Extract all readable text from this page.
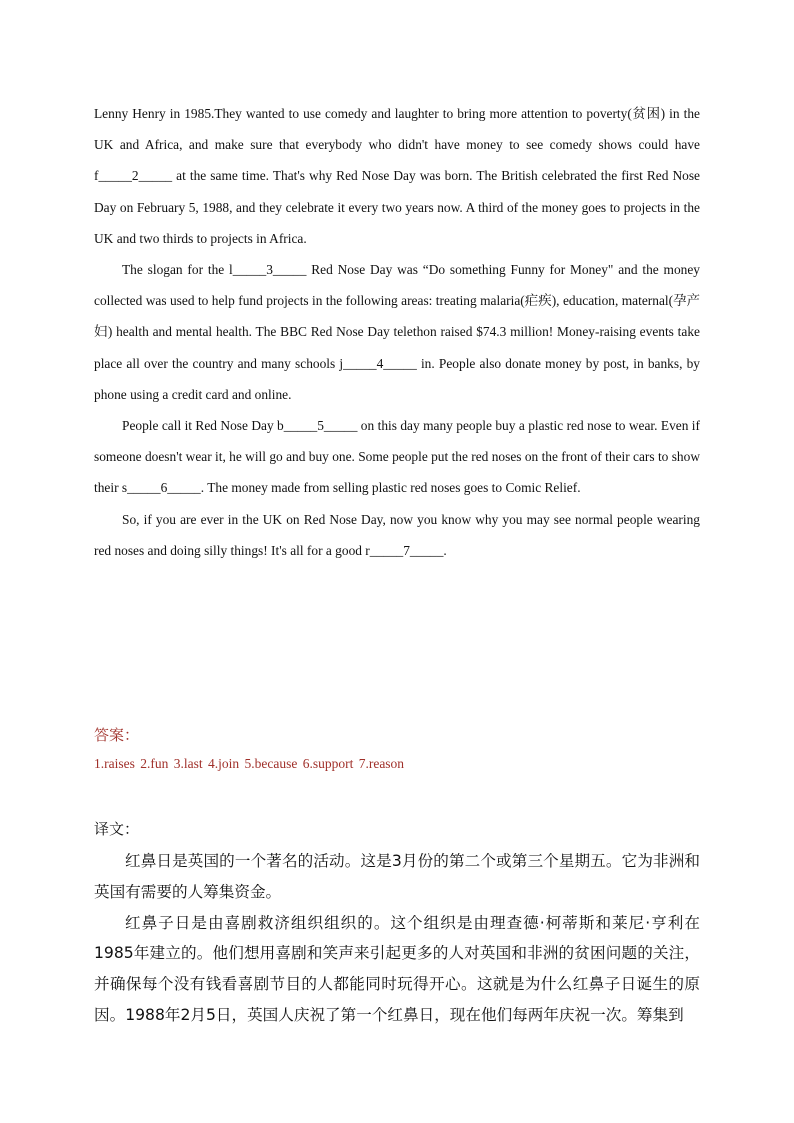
Lenny Henry in 1985.They wanted to use comedy and laughter to bring more attention to poverty(贫困) in the UK and Africa, and make sure that everybody who didn't have money to see comedy shows could have f_____2_____ at the same time. That's why Red Nose Day was born. The British celebrated the first Red Nose Day on February 5, 1988, and they celebrate it every two years now. A third of the money goes to projects in the UK and two thirds to projects in Africa.

The slogan for the l_____3_____ Red Nose Day was “Do something Funny for Money" and the money collected was used to help fund projects in the following areas: treating malaria(疟疾), education, maternal(孕产妇) health and mental health. The BBC Red Nose Day telethon raised $74.3 million! Money-raising events take place all over the country and many schools j_____4_____ in. People also donate money by post, in banks, by phone using a credit card and online.

People call it Red Nose Day b_____5_____ on this day many people buy a plastic red nose to wear. Even if someone doesn't wear it, he will go and buy one. Some people put the red noses on the front of their cars to show their s_____6_____. The money made from selling plastic red noses goes to Comic Relief.

So, if you are ever in the UK on Red Nose Day, now you know why you may see normal people wearing red noses and doing silly things! It's all for a good r_____7_____.

答案：
1.raises 2.fun 3.last 4.join 5.because 6.support 7.reason
译文：

红鼻日是英国的一个著名的活动。这是3月份的第二个或第三个星期五。它为非洲和英国有需要的人筹集资金。

红鼻子日是由喜剧救济组织组织的。这个组织是由理查德·柯蒂斯和莱尼·亨利在1985年建立的。他们想用喜剧和笑声来引起更多的人对英国和非洲的贫困问题的关注，并确保每个没有钱看喜剧节目的人都能同时玩得开心。这就是为什么红鼻子日诞生的原因。1988年2月5日，英国人庆祝了第一个红鼻日，现在他们每两年庆祝一次。筹集到
